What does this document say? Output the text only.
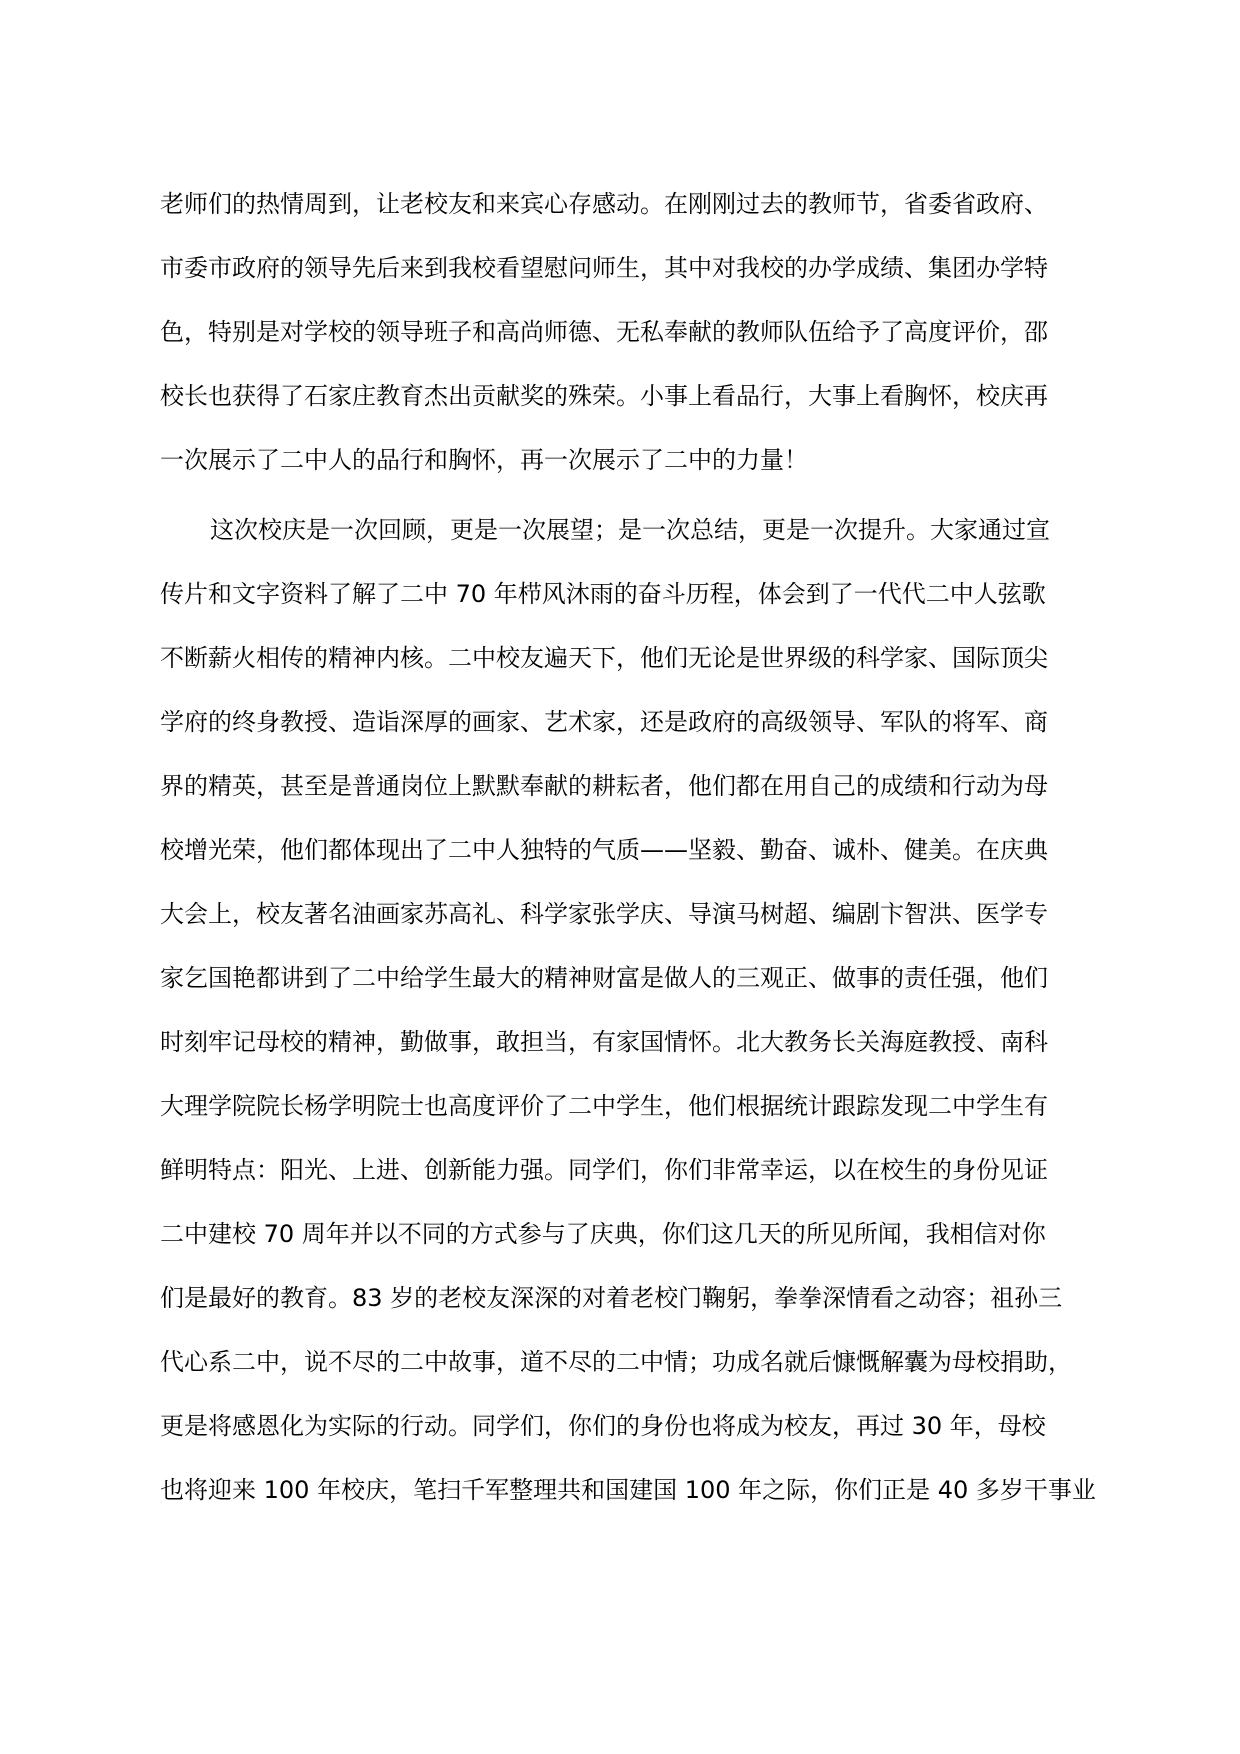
老师们的热情周到，让老校友和来宾心存感动。在刚刚过去的教师节，省委省政府、
市委市政府的领导先后来到我校看望慰问师生，其中对我校的办学成绩、集团办学特
色，特别是对学校的领导班子和高尚师德、无私奉献的教师队伍给予了高度评价，邵
校长也获得了石家庄教育杰出贡献奖的殊荣。小事上看品行，大事上看胸怀，校庆再
一次展示了二中人的品行和胸怀，再一次展示了二中的力量！
这次校庆是一次回顾，更是一次展望；是一次总结，更是一次提升。大家通过宣
传片和文字资料了解了二中 70 年栉风沐雨的奋斗历程，体会到了一代代二中人弦歌
不断薪火相传的精神内核。二中校友遍天下，他们无论是世界级的科学家、国际顶尖
学府的终身教授、造诣深厚的画家、艺术家，还是政府的高级领导、军队的将军、商
界的精英，甚至是普通岗位上默默奉献的耕耘者，他们都在用自己的成绩和行动为母
校增光荣，他们都体现出了二中人独特的气质——坚毅、勤奋、诚朴、健美。在庆典
大会上，校友著名油画家苏高礼、科学家张学庆、导演马树超、编剧卞智洪、医学专
家乞国艳都讲到了二中给学生最大的精神财富是做人的三观正、做事的责任强，他们
时刻牢记母校的精神，勤做事，敢担当，有家国情怀。北大教务长关海庭教授、南科
大理学院院长杨学明院士也高度评价了二中学生，他们根据统计跟踪发现二中学生有
鲜明特点：阳光、上进、创新能力强。同学们，你们非常幸运，以在校生的身份见证
二中建校 70 周年并以不同的方式参与了庆典，你们这几天的所见所闻，我相信对你
们是最好的教育。83 岁的老校友深深的对着老校门鞠躬，拳拳深情看之动容；祖孙三
代心系二中，说不尽的二中故事，道不尽的二中情；功成名就后慷慨解囊为母校捐助，
更是将感恩化为实际的行动。同学们，你们的身份也将成为校友，再过 30 年，母校
也将迎来 100 年校庆，笔扫千军整理共和国建国 100 年之际，你们正是 40 多岁干事业
